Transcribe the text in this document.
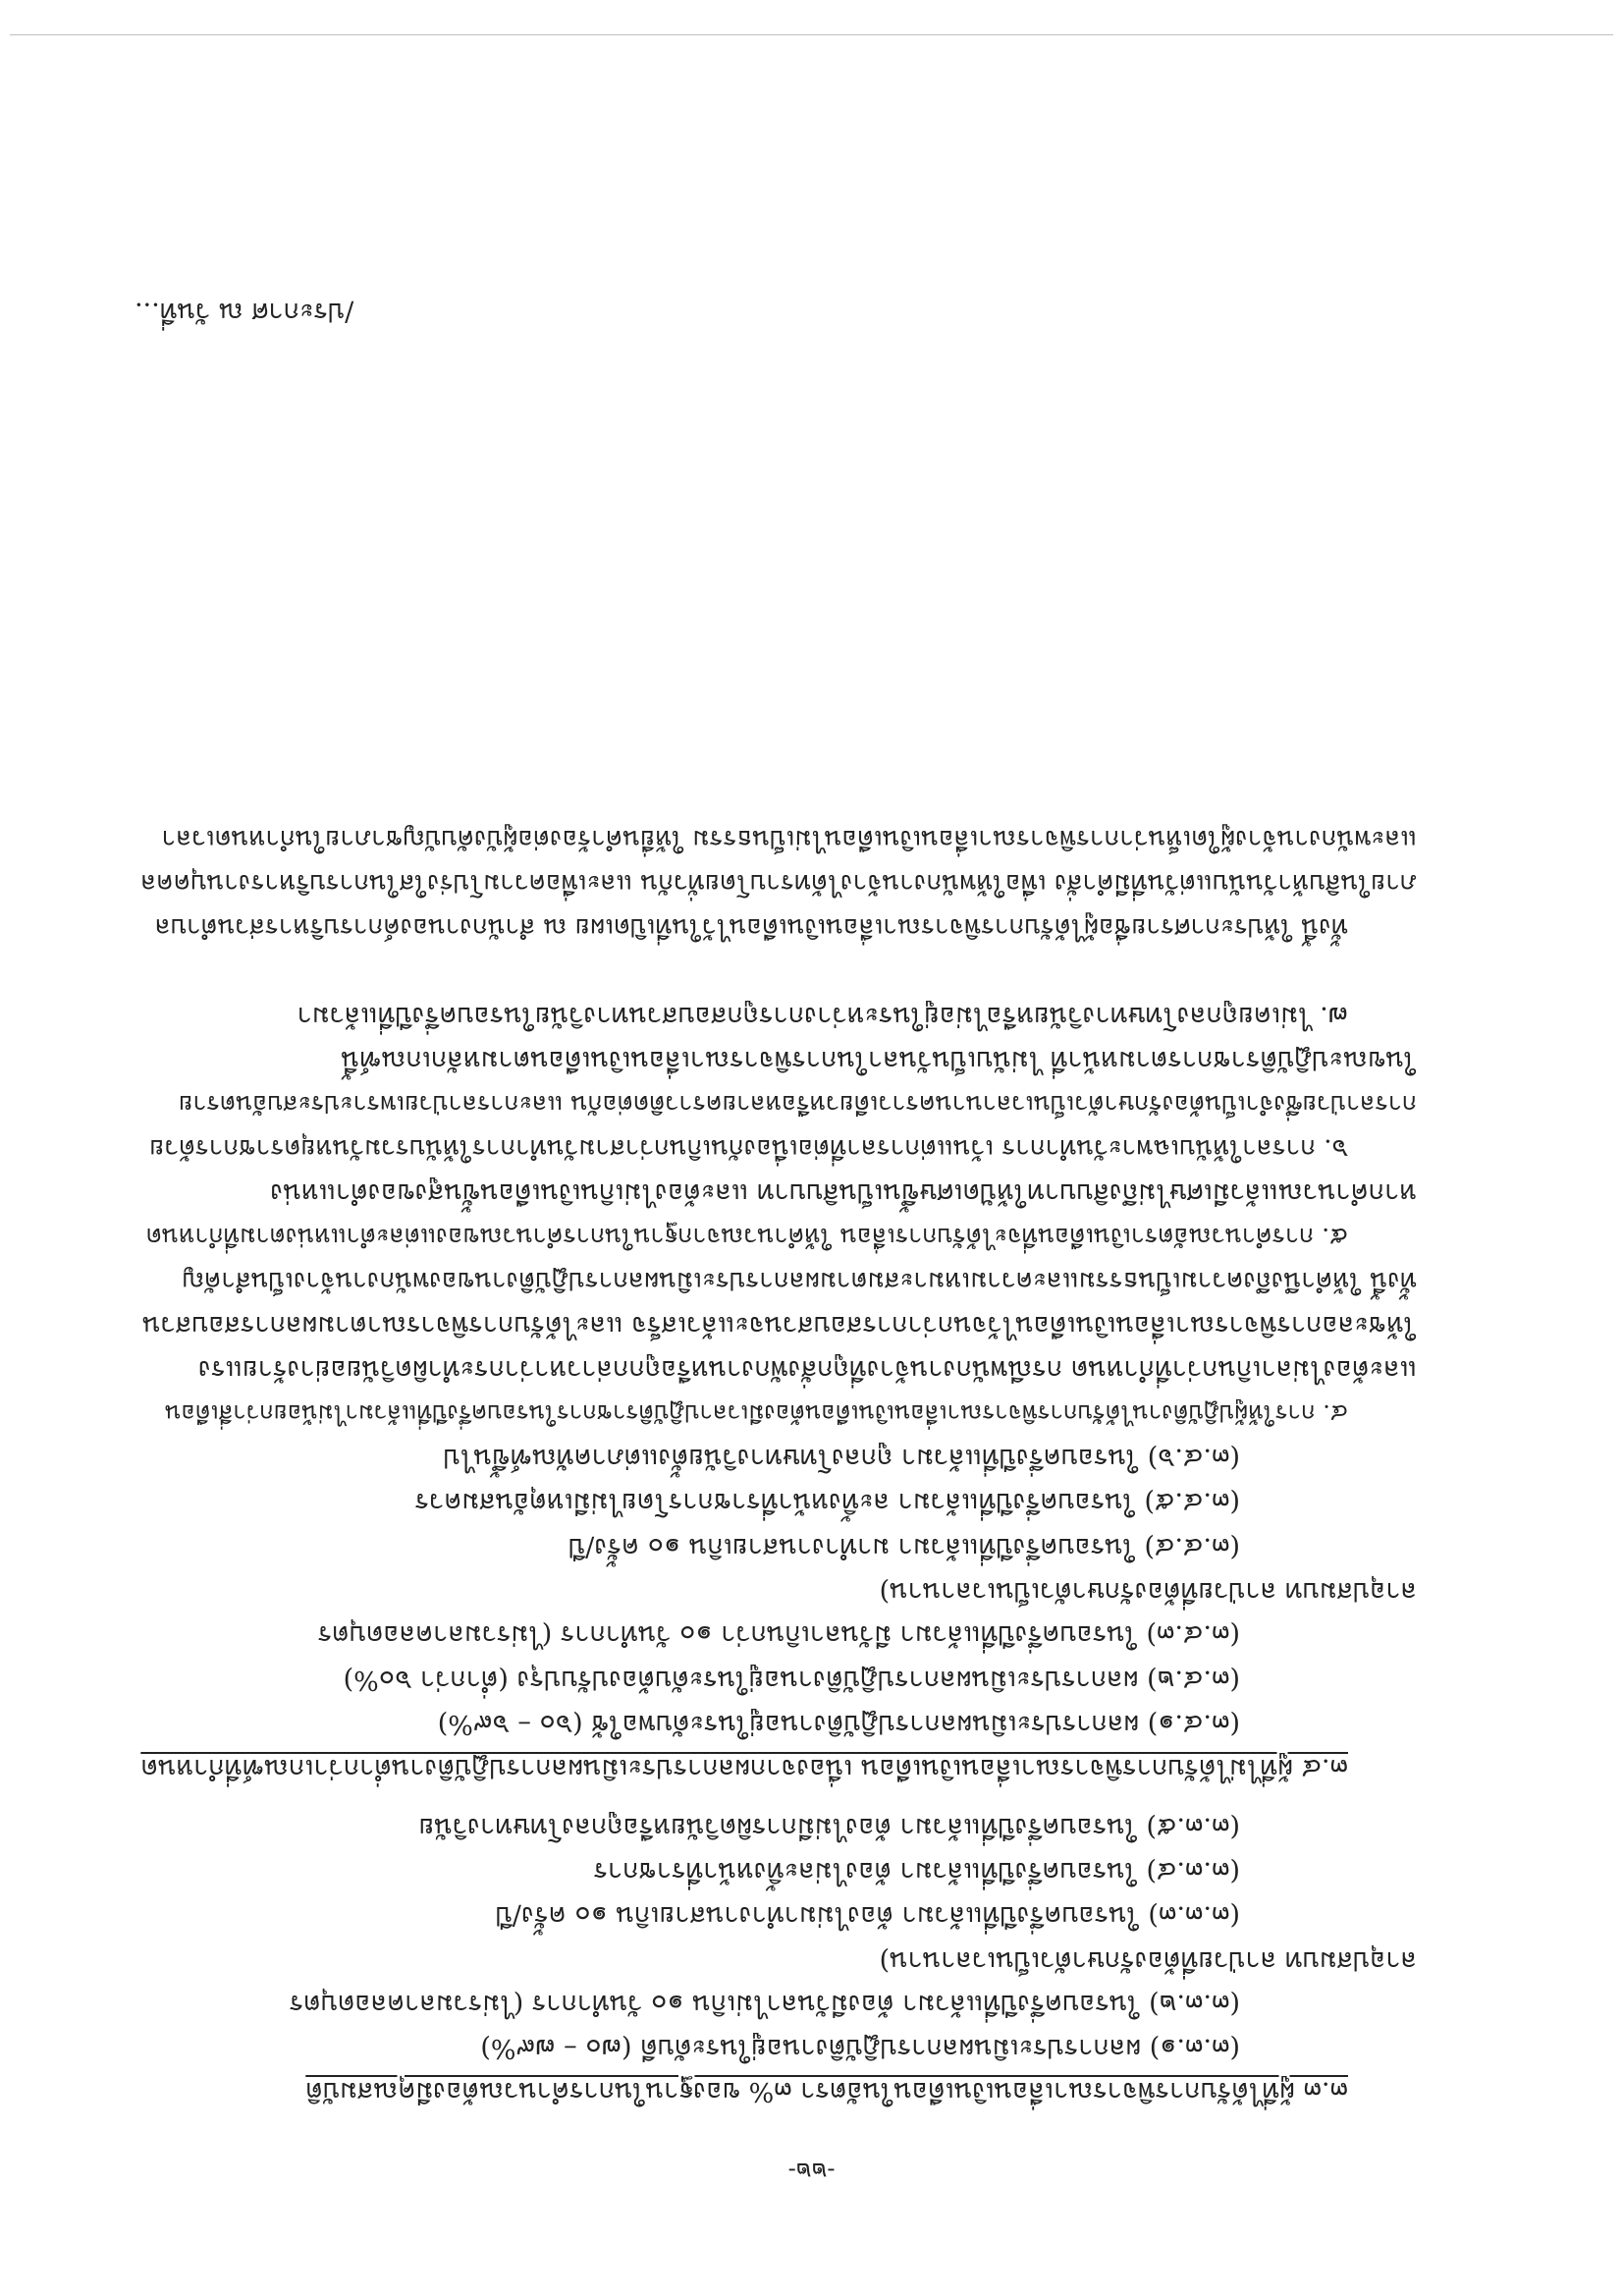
-๒๒-
๓.๓ ผู้ที่ได้รับการพิจารณาเลื่อนเงินเดือนในอัตรา ๓% ของฐานในการคำนวณต้องมีคุณสมบัติ
(๓.๓.๑) ผลการประเมินผลการปฏิบัติงานอยู่ในระดับดี (๗๐ – ๗๙%)
(๓.๓.๒) ในรอบครึ่งปีที่แล้วมา ต้องมีวันลาไม่เกิน ๑๐ วันทำการ (ไม่รวมลาคลอดบุตร
ลาอุปสมบท ลาป่วยที่ต้องรักษาตัวเป็นเวลานาน)
(๓.๓.๓) ในรอบครึ่งปีที่แล้วมา ต้องไม่มาทำงานสายเกิน ๑๐ ครั้ง/ปี
(๓.๓.๔) ในรอบครึ่งปีที่แล้วมา ต้องไม่ละทิ้งหน้าที่ราชการ
(๓.๓.๕) ในรอบครึ่งปีที่แล้วมา ต้องไม่มีการผิดวินัยหรือถูกลงโทษทางวินัย
๓.๔ ผู้ที่ไม่ได้รับการพิจารณาเลื่อนเงินเดือน เนื่องจากผลการประเมินผลการปฏิบัติงานต่ำกว่าเกณฑ์ที่กำหนด
(๓.๔.๑) ผลการประเมินผลการปฏิบัติงานอยู่ในระดับพอใช้ (๖๐ – ๖๙%)
(๓.๔.๒) ผลการประเมินผลการปฏิบัติงานอยู่ในระดับต้องปรับปรุง (ต่ำกว่า ๖๐%)
(๓.๔.๓) ในรอบครึ่งปีที่แล้วมา มีวันลาเกินกว่า ๑๐ วันทำการ (ไม่รวมลาคลอดบุตร
ลาอุปสมบท ลาป่วยที่ต้องรักษาตัวเป็นเวลานาน)
(๓.๔.๔) ในรอบครึ่งปีที่แล้วมา มาทำงานสายเกิน ๑๐ ครั้ง/ปี
(๓.๔.๕) ในรอบครึ่งปีที่แล้วมา ละทิ้งหน้าที่ราชการโดยไม่มีเหตุอันสมควร
(๓.๔.๖) ในรอบครึ่งปีที่แล้วมา ถูกลงโทษทางวินัยตั้งแต่ภาคทัณฑ์ขึ้นไป
๔. การให้ผู้ปฏิบัติงานได้รับการพิจารณาเลื่อนเงินเดือนต้องมีเวลาปฏิบัติราชการในรอบครึ่งปีที่แล้วมาไม่น้อยกว่าสี่เดือน
และต้องไม่ลาเกินกว่าที่กำหนด กรณีพนักงานจ้างที่ถูกสั่งพักงานหรือถูกกล่าวหาว่ากระทำผิดวินัยอย่างร้ายแรง
ให้ชะลอการพิจารณาเลื่อนเงินเดือนไว้จนกว่าการสอบสวนจะแล้วเสร็จ และได้รับการพิจารณาตามผลการสอบสวน
ทั้งนี้ ให้คำนึงถึงความเป็นธรรมและความเหมาะสมตามผลการประเมินผลการปฏิบัติงานของพนักงานจ้างเป็นสำคัญ
๕. การคำนวณอัตราเงินเดือนที่จะได้รับการเลื่อน ให้คำนวณจากฐานในการคำนวณของแต่ละตำแหน่งตามที่กำหนด
หากคำนวณแล้วมีเศษไม่ถึงสิบบาทให้ปัดเศษขึ้นเป็นสิบบาท และต้องไม่เกินเงินเดือนขั้นสูงของตำแหน่ง
๖. การลาให้นับเฉพาะวันทำการ เว้นแต่การลาที่ต่อเนื่องกันเกินกว่าสามวันทำการให้นับรวมวันหยุดราชการด้วย
การลาป่วยซึ่งจำเป็นต้องรักษาตัวเป็นเวลานานคราวเดียวหรือหลายคราวติดต่อกัน และการลาป่วยเพราะประสบอันตราย
ในขณะปฏิบัติราชการตามหน้าที่ ไม่นับเป็นวันลาในการพิจารณาเลื่อนเงินเดือนตามหลักเกณฑ์นี้
๗. ไม่เคยถูกลงโทษทางวินัยหรือไม่อยู่ในระหว่างการถูกสอบสวนทางวินัยในรอบครึ่งปีที่แล้วมา
ทั้งนี้ ให้ประกาศรายชื่อผู้ได้รับการพิจารณาเลื่อนเงินเดือนไว้ในที่เปิดเผย ณ สำนักงานองค์การบริหารส่วนตำบล
ภายในสิบห้าวันนับแต่วันที่มีคำสั่ง เพื่อให้พนักงานจ้างได้ทราบโดยทั่วกัน และเพื่อความโปร่งใสในการบริหารงานบุคคล
และพนักงานจ้างผู้ใดเห็นว่าการพิจารณาเลื่อนเงินเดือนไม่เป็นธรรม ให้ยื่นคำร้องต่อผู้บังคับบัญชาภายในกำหนดเวลา
/ประกาศ ณ วันที่...
